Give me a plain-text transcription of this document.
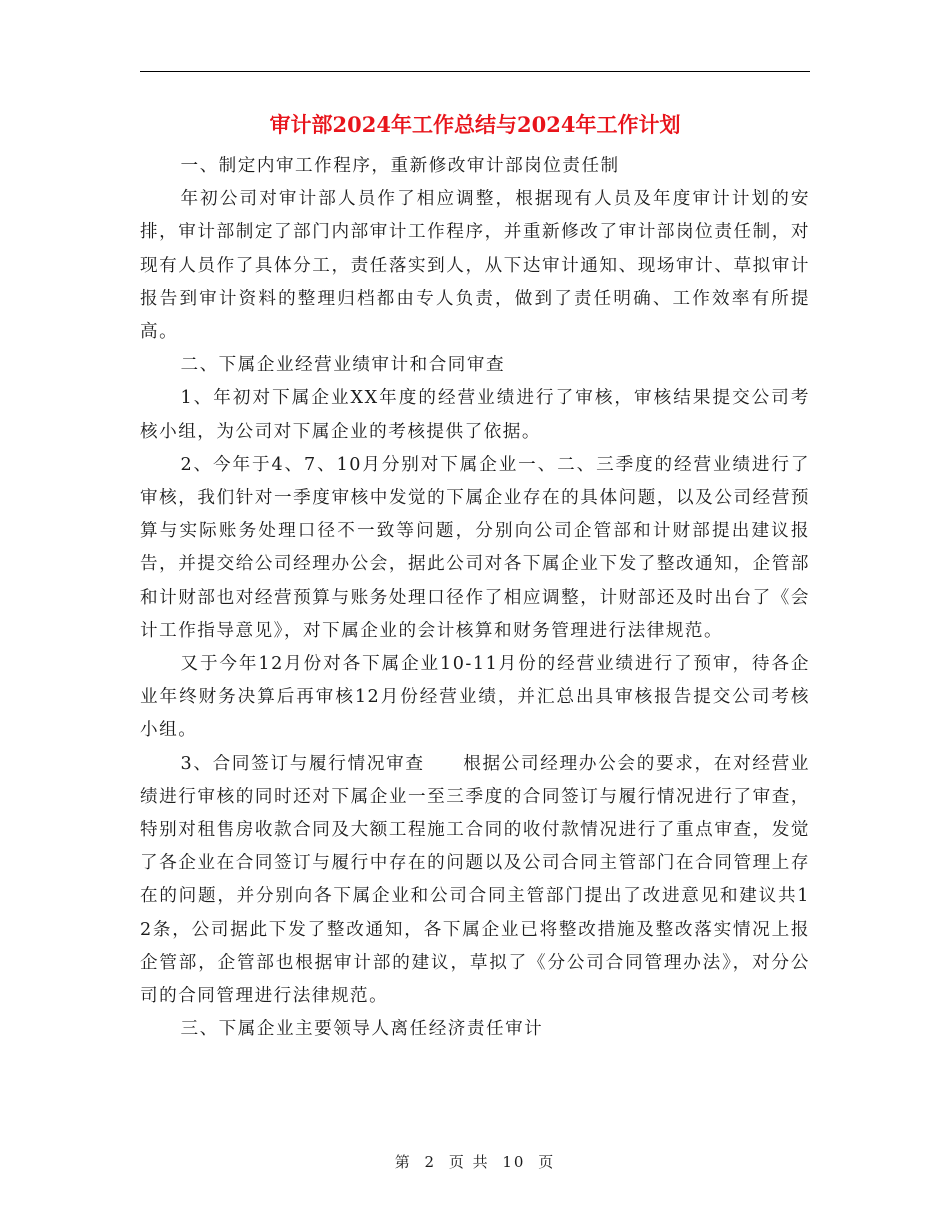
审计部2024年工作总结与2024年工作计划

一、制定内审工作程序，重新修改审计部岗位责任制

年初公司对审计部人员作了相应调整，根据现有人员及年度审计计划的安排，审计部制定了部门内部审计工作程序，并重新修改了审计部岗位责任制，对现有人员作了具体分工，责任落实到人，从下达审计通知、现场审计、草拟审计报告到审计资料的整理归档都由专人负责，做到了责任明确、工作效率有所提高。

二、下属企业经营业绩审计和合同审查

1、年初对下属企业XX年度的经营业绩进行了审核，审核结果提交公司考核小组，为公司对下属企业的考核提供了依据。

2、今年于4、7、10月分别对下属企业一、二、三季度的经营业绩进行了审核，我们针对一季度审核中发觉的下属企业存在的具体问题，以及公司经营预算与实际账务处理口径不一致等问题，分别向公司企管部和计财部提出建议报告，并提交给公司经理办公会，据此公司对各下属企业下发了整改通知，企管部和计财部也对经营预算与账务处理口径作了相应调整，计财部还及时出台了《会计工作指导意见》，对下属企业的会计核算和财务管理进行法律规范。

又于今年12月份对各下属企业10-11月份的经营业绩进行了预审，待各企业年终财务决算后再审核12月份经营业绩，并汇总出具审核报告提交公司考核小组。

3、合同签订与履行情况审查　　根据公司经理办公会的要求，在对经营业绩进行审核的同时还对下属企业一至三季度的合同签订与履行情况进行了审查，特别对租售房收款合同及大额工程施工合同的收付款情况进行了重点审查，发觉了各企业在合同签订与履行中存在的问题以及公司合同主管部门在合同管理上存在的问题，并分别向各下属企业和公司合同主管部门提出了改进意见和建议共12条，公司据此下发了整改通知，各下属企业已将整改措施及整改落实情况上报企管部，企管部也根据审计部的建议，草拟了《分公司合同管理办法》，对分公司的合同管理进行法律规范。

三、下属企业主要领导人离任经济责任审计

第 2 页 共 10 页
